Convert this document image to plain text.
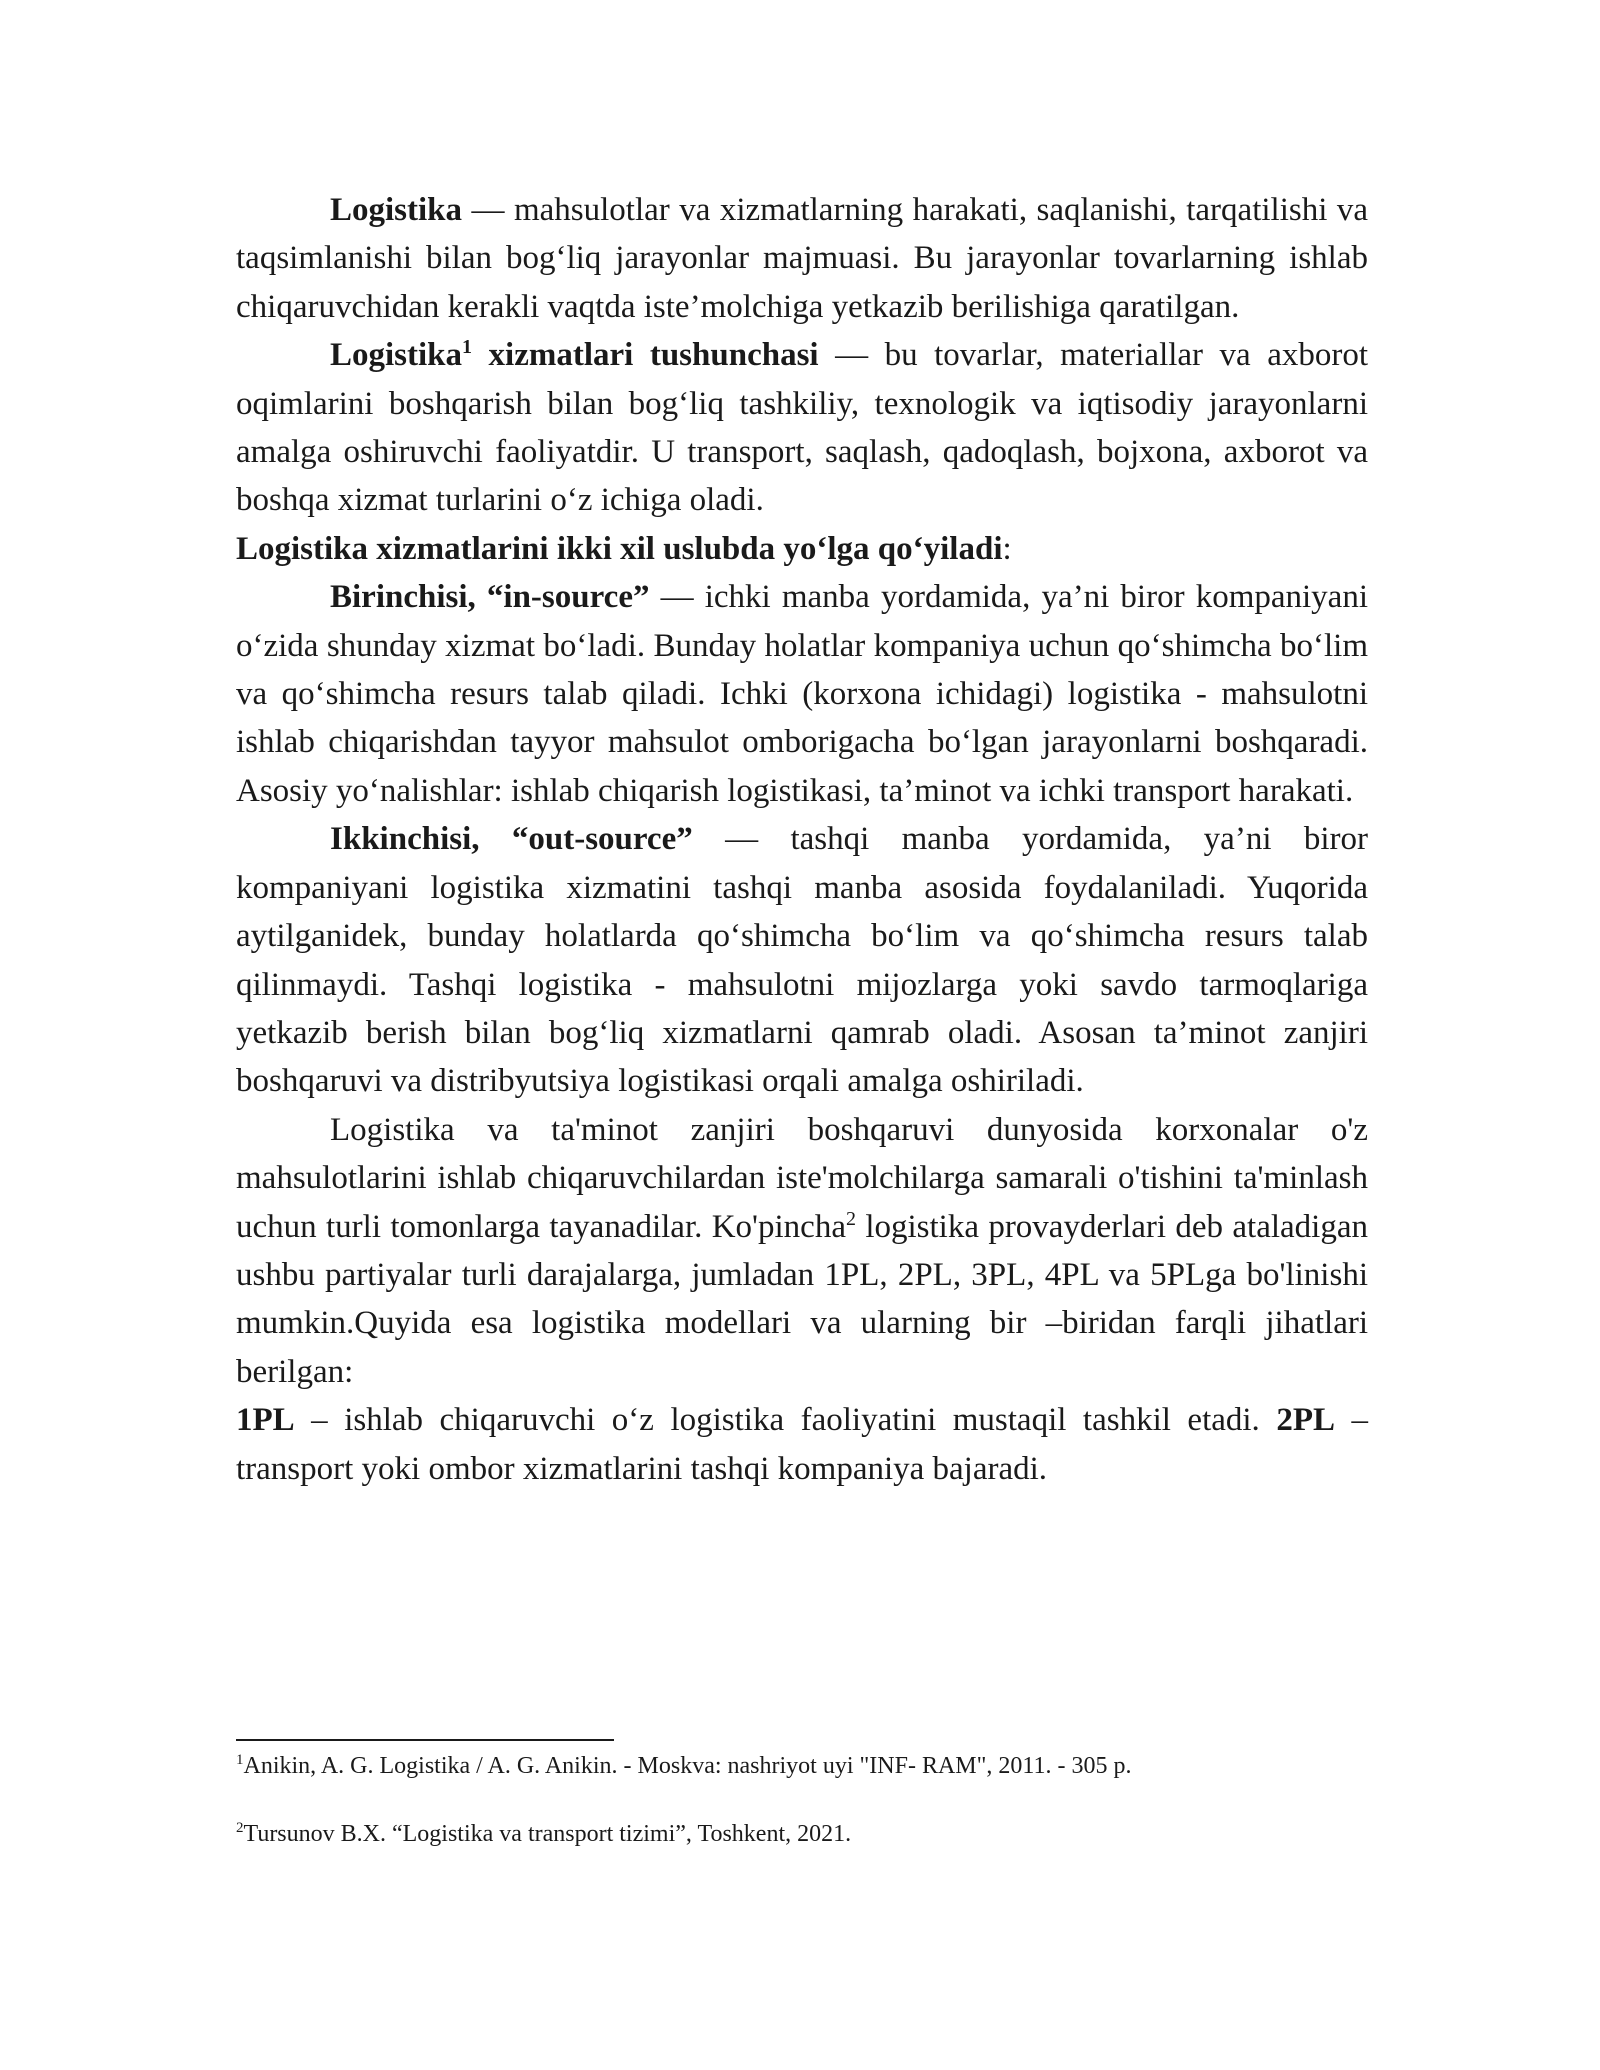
Logistika — mahsulotlar va xizmatlarning harakati, saqlanishi, tarqatilishi va taqsimlanishi bilan bog‘liq jarayonlar majmuasi. Bu jarayonlar tovarlarning ishlab chiqaruvchidan kerakli vaqtda iste’molchiga yetkazib berilishiga qaratilgan.

Logistika$^1$ xizmatlari tushunchasi — bu tovarlar, materiallar va axborot oqimlarini boshqarish bilan bog‘liq tashkiliy, texnologik va iqtisodiy jarayonlarni amalga oshiruvchi faoliyatdir. U transport, saqlash, qadoqlash, bojxona, axborot va boshqa xizmat turlarini o‘z ichiga oladi.

Logistika xizmatlarini ikki xil uslubda yo‘lga qo‘yiladi:

Birinchisi, “in-source” — ichki manba yordamida, ya’ni biror kompaniyani o‘zida shunday xizmat bo‘ladi. Bunday holatlar kompaniya uchun qo‘shimcha bo‘lim va qo‘shimcha resurs talab qiladi. Ichki (korxona ichidagi) logistika - mahsulotni ishlab chiqarishdan tayyor mahsulot omborigacha bo‘lgan jarayonlarni boshqaradi. Asosiy yo‘nalishlar: ishlab chiqarish logistikasi, ta’minot va ichki transport harakati.

Ikkinchisi, “out-source” — tashqi manba yordamida, ya’ni biror kompaniyani logistika xizmatini tashqi manba asosida foydalaniladi. Yuqorida aytilganidek, bunday holatlarda qo‘shimcha bo‘lim va qo‘shimcha resurs talab qilinmaydi. Tashqi logistika - mahsulotni mijozlarga yoki savdo tarmoqlariga yetkazib berish bilan bog‘liq xizmatlarni qamrab oladi. Asosan ta’minot zanjiri boshqaruvi va distribyutsiya logistikasi orqali amalga oshiriladi.

Logistika va ta'minot zanjiri boshqaruvi dunyosida korxonalar o'z mahsulotlarini ishlab chiqaruvchilardan iste'molchilarga samarali o'tishini ta'minlash uchun turli tomonlarga tayanadilar. Ko'pincha$^2$ logistika provayderlari deb ataladigan ushbu partiyalar turli darajalarga, jumladan 1PL, 2PL, 3PL, 4PL va 5PLga bo'linishi mumkin.Quyida esa logistika modellari va ularning bir –biridan farqli jihatlari berilgan:

1PL – ishlab chiqaruvchi o‘z logistika faoliyatini mustaqil tashkil etadi. 2PL – transport yoki ombor xizmatlarini tashqi kompaniya bajaradi.

$^1$Anikin, A. G. Logistika / A. G. Anikin. - Moskva: nashriyot uyi "INF- RAM", 2011. - 305 p.

$^2$Tursunov B.X. “Logistika va transport tizimi”, Toshkent, 2021.
